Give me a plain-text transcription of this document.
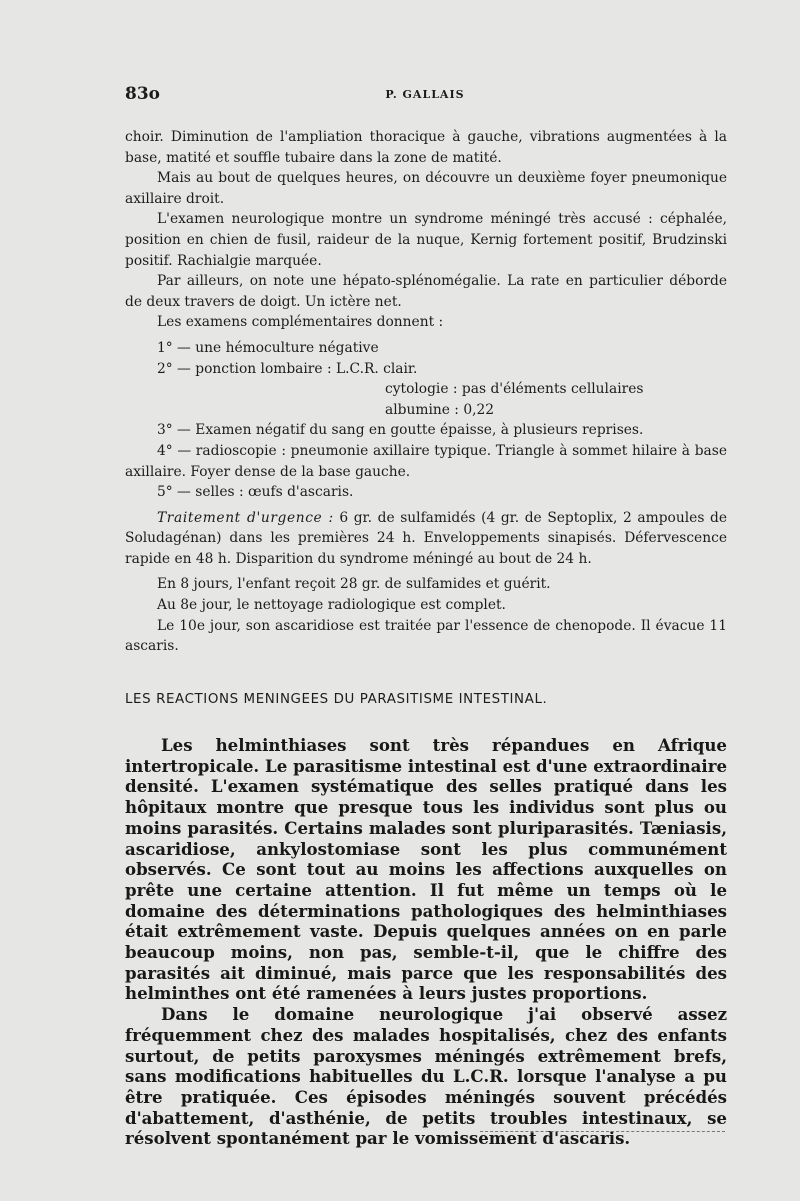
83o	P. GALLAIS

choir. Diminution de l'ampliation thoracique à gauche, vibrations augmentées à la base, matité et souffle tubaire dans la zone de matité.

Mais au bout de quelques heures, on découvre un deuxième foyer pneumonique axillaire droit.

L'examen neurologique montre un syndrome méningé très accusé : céphalée, position en chien de fusil, raideur de la nuque, Kernig fortement positif, Brudzinski positif. Rachialgie marquée.

Par ailleurs, on note une hépato-splénomégalie. La rate en particulier déborde de deux travers de doigt. Un ictère net.

Les examens complémentaires donnent :

1° — une hémoculture négative

2° — ponction lombaire : L.C.R. clair.

cytologie : pas d'éléments cellulaires

albumine : 0,22

3° — Examen négatif du sang en goutte épaisse, à plusieurs reprises.

4° — radioscopie : pneumonie axillaire typique. Triangle à sommet hilaire à base axillaire. Foyer dense de la base gauche.

5° — selles : œufs d'ascaris.

Traitement d'urgence : 6 gr. de sulfamidés (4 gr. de Septoplix, 2 ampoules de Soludagénan) dans les premières 24 h. Enveloppements sinapisés. Défervescence rapide en 48 h. Disparition du syndrome méningé au bout de 24 h.

En 8 jours, l'enfant reçoit 28 gr. de sulfamides et guérit.

Au 8e jour, le nettoyage radiologique est complet.

Le 10e jour, son ascaridiose est traitée par l'essence de chenopode. Il évacue 11 ascaris.

LES REACTIONS MENINGEES DU PARASITISME INTESTINAL.

Les helminthiases sont très répandues en Afrique intertropicale. Le parasitisme intestinal est d'une extraordinaire densité. L'examen systématique des selles pratiqué dans les hôpitaux montre que presque tous les individus sont plus ou moins parasités. Certains malades sont pluriparasités. Tæniasis, ascaridiose, ankylostomiase sont les plus communément observés. Ce sont tout au moins les affections auxquelles on prête une certaine attention. Il fut même un temps où le domaine des déterminations pathologiques des helminthiases était extrêmement vaste. Depuis quelques années on en parle beaucoup moins, non pas, semble-t-il, que le chiffre des parasités ait diminué, mais parce que les responsabilités des helminthes ont été ramenées à leurs justes proportions.

Dans le domaine neurologique j'ai observé assez fréquemment chez des malades hospitalisés, chez des enfants surtout, de petits paroxysmes méningés extrêmement brefs, sans modifications habituelles du L.C.R. lorsque l'analyse a pu être pratiquée. Ces épisodes méningés souvent précédés d'abattement, d'asthénie, de petits troubles intestinaux, se résolvent spontanément par le vomissement d'ascaris.
